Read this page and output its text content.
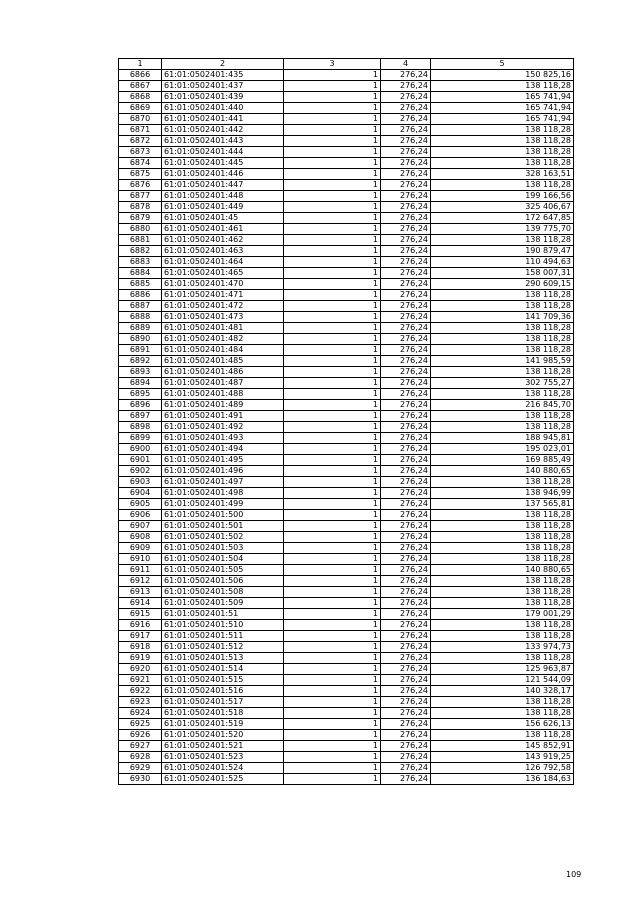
1	2	3	4	5
6866	61:01:0502401:435	1	276,24	150 825,16
6867	61:01:0502401:437	1	276,24	138 118,28
6868	61:01:0502401:439	1	276,24	165 741,94
6869	61:01:0502401:440	1	276,24	165 741,94
6870	61:01:0502401:441	1	276,24	165 741,94
6871	61:01:0502401:442	1	276,24	138 118,28
6872	61:01:0502401:443	1	276,24	138 118,28
6873	61:01:0502401:444	1	276,24	138 118,28
6874	61:01:0502401:445	1	276,24	138 118,28
6875	61:01:0502401:446	1	276,24	328 163,51
6876	61:01:0502401:447	1	276,24	138 118,28
6877	61:01:0502401:448	1	276,24	199 166,56
6878	61:01:0502401:449	1	276,24	325 406,67
6879	61:01:0502401:45	1	276,24	172 647,85
6880	61:01:0502401:461	1	276,24	139 775,70
6881	61:01:0502401:462	1	276,24	138 118,28
6882	61:01:0502401:463	1	276,24	190 879,47
6883	61:01:0502401:464	1	276,24	110 494,63
6884	61:01:0502401:465	1	276,24	158 007,31
6885	61:01:0502401:470	1	276,24	290 609,15
6886	61:01:0502401:471	1	276,24	138 118,28
6887	61:01:0502401:472	1	276,24	138 118,28
6888	61:01:0502401:473	1	276,24	141 709,36
6889	61:01:0502401:481	1	276,24	138 118,28
6890	61:01:0502401:482	1	276,24	138 118,28
6891	61:01:0502401:484	1	276,24	138 118,28
6892	61:01:0502401:485	1	276,24	141 985,59
6893	61:01:0502401:486	1	276,24	138 118,28
6894	61:01:0502401:487	1	276,24	302 755,27
6895	61:01:0502401:488	1	276,24	138 118,28
6896	61:01:0502401:489	1	276,24	216 845,70
6897	61:01:0502401:491	1	276,24	138 118,28
6898	61:01:0502401:492	1	276,24	138 118,28
6899	61:01:0502401:493	1	276,24	188 945,81
6900	61:01:0502401:494	1	276,24	195 023,01
6901	61:01:0502401:495	1	276,24	169 885,49
6902	61:01:0502401:496	1	276,24	140 880,65
6903	61:01:0502401:497	1	276,24	138 118,28
6904	61:01:0502401:498	1	276,24	138 946,99
6905	61:01:0502401:499	1	276,24	137 565,81
6906	61:01:0502401:500	1	276,24	138 118,28
6907	61:01:0502401:501	1	276,24	138 118,28
6908	61:01:0502401:502	1	276,24	138 118,28
6909	61:01:0502401:503	1	276,24	138 118,28
6910	61:01:0502401:504	1	276,24	138 118,28
6911	61:01:0502401:505	1	276,24	140 880,65
6912	61:01:0502401:506	1	276,24	138 118,28
6913	61:01:0502401:508	1	276,24	138 118,28
6914	61:01:0502401:509	1	276,24	138 118,28
6915	61:01:0502401:51	1	276,24	179 001,29
6916	61:01:0502401:510	1	276,24	138 118,28
6917	61:01:0502401:511	1	276,24	138 118,28
6918	61:01:0502401:512	1	276,24	133 974,73
6919	61:01:0502401:513	1	276,24	138 118,28
6920	61:01:0502401:514	1	276,24	125 963,87
6921	61:01:0502401:515	1	276,24	121 544,09
6922	61:01:0502401:516	1	276,24	140 328,17
6923	61:01:0502401:517	1	276,24	138 118,28
6924	61:01:0502401:518	1	276,24	138 118,28
6925	61:01:0502401:519	1	276,24	156 626,13
6926	61:01:0502401:520	1	276,24	138 118,28
6927	61:01:0502401:521	1	276,24	145 852,91
6928	61:01:0502401:523	1	276,24	143 919,25
6929	61:01:0502401:524	1	276,24	126 792,58
6930	61:01:0502401:525	1	276,24	136 184,63
109
